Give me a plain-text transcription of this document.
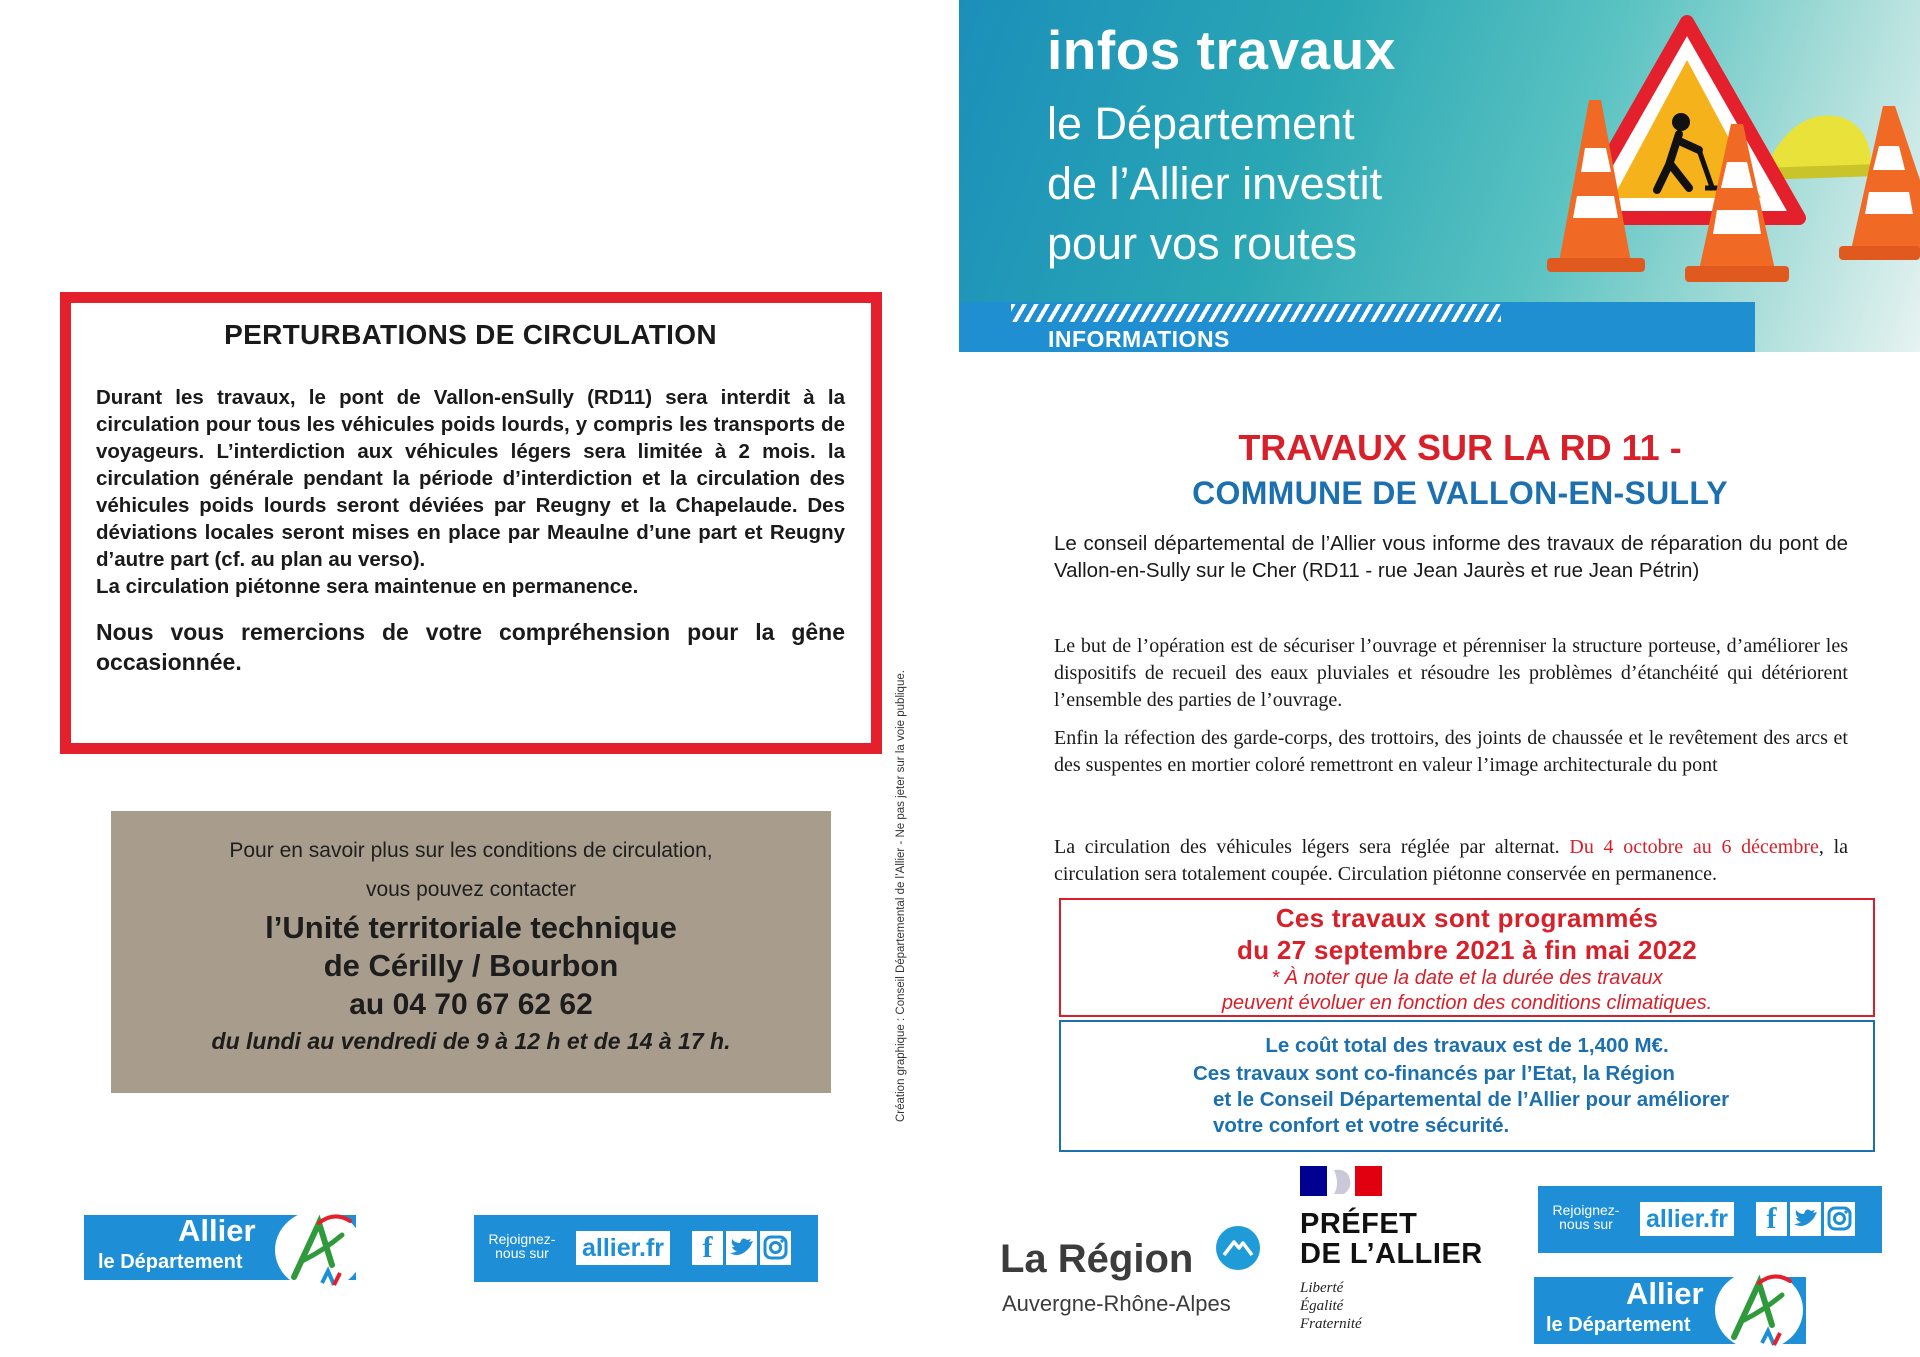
PERTURBATIONS DE CIRCULATION

Durant les travaux, le pont de Vallon-enSully (RD11) sera interdit à la circulation pour tous les véhicules poids lourds, y compris les transports de voyageurs. L’interdiction aux véhicules légers sera limitée à 2 mois. la circulation générale pendant la période d’interdiction et la circulation des véhicules poids lourds seront déviées par Reugny et la Chapelaude. Des déviations locales seront mises en place par Meaulne d’une part et Reugny d’autre part (cf. au plan au verso).

La circulation piétonne sera maintenue en permanence.

Nous vous remercions de votre compréhension pour la gêne occasionnée.
Pour en savoir plus sur les conditions de circulation,
vous pouvez contacter
l’Unité territoriale technique
de Cérilly / Bourbon
au 04 70 67 62 62
du lundi au vendredi de 9 à 12 h et de 14 à 17 h.	Création graphique : Conseil Départemental de l’Allier - Ne pas jeter sur la voie publique.
Allier
le Département
Rejoignez-
nous sur	allier.fr	f
infos travaux
le Département
de l’Allier investit
pour vos routes
INFORMATIONS
TRAVAUX SUR LA RD 11 -
COMMUNE DE VALLON-EN-SULLY
Le conseil départemental de l’Allier vous informe des travaux de réparation du pont de Vallon-en-Sully sur le Cher (RD11 - rue Jean Jaurès et rue Jean Pétrin)
Le but de l’opération est de sécuriser l’ouvrage et pérenniser la structure porteuse, d’améliorer les dispositifs de recueil des eaux pluviales et résoudre les problèmes d’étanchéité qui détériorent l’ensemble des parties de l’ouvrage.
Enfin la réfection des garde-corps, des trottoirs, des joints de chaussée et le revêtement des arcs et des suspentes en mortier coloré remettront en valeur l’image architecturale du pont
La circulation des véhicules légers sera réglée par alternat. Du 4 octobre au 6 décembre, la circulation sera totalement coupée. Circulation piétonne conservée en permanence.
Ces travaux sont programmés
du 27 septembre 2021 à fin mai 2022
* À noter que la date et la durée des travaux
peuvent évoluer en fonction des conditions climatiques.
Le coût total des travaux est de 1,400 M€.
Ces travaux sont co-financés par l’Etat, la Région
et le Conseil Départemental de l’Allier pour améliorer
votre confort et votre sécurité.
La Région
Auvergne-Rhône-Alpes
PRÉFET
DE L’ALLIER
Liberté
Égalité
Fraternité
Rejoignez-
nous sur	allier.fr	f
Allier
le Département
